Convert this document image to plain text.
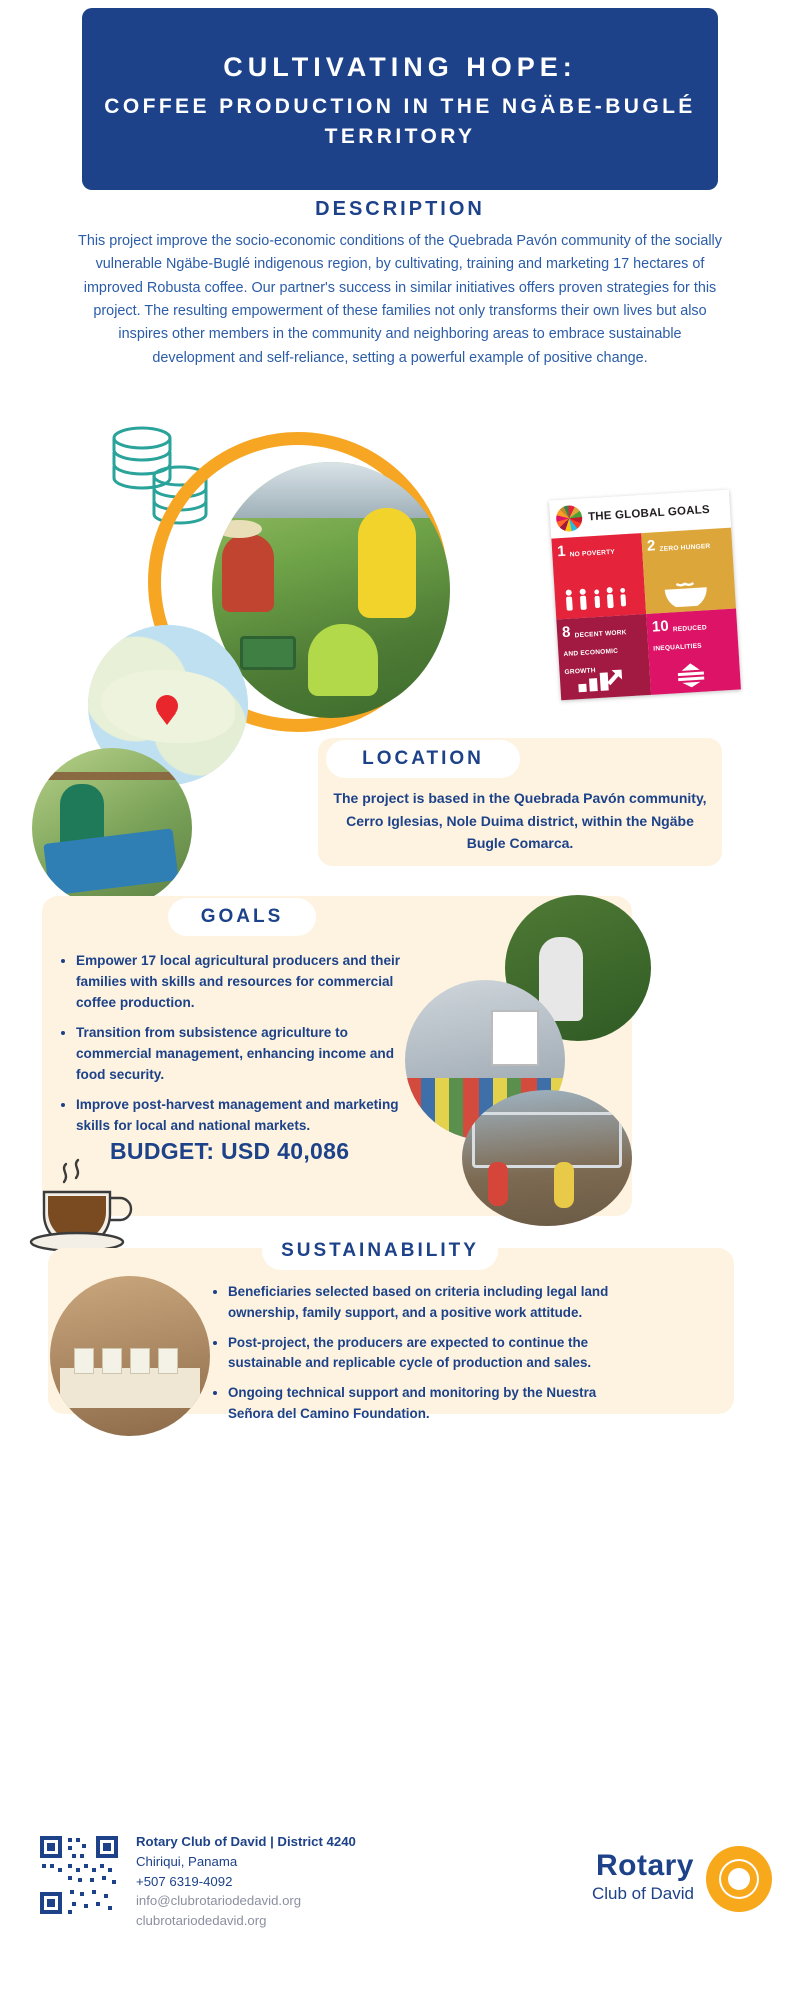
CULTIVATING HOPE:
COFFEE PRODUCTION IN THE NGÄBE-BUGLÉ TERRITORY
DESCRIPTION
This project improve the socio-economic conditions of the Quebrada Pavón community of the socially vulnerable Ngäbe-Buglé indigenous region, by cultivating, training and marketing 17 hectares of improved Robusta coffee. Our partner's success in similar initiatives offers proven strategies for this project. The resulting empowerment of these families not only transforms their own lives but also inspires other members in the community and neighboring areas to embrace sustainable development and self-reliance, setting a powerful example of positive change.
THE GLOBAL GOALS
1 NO POVERTY	2 ZERO HUNGER
8 DECENT WORK AND ECONOMIC GROWTH
10 REDUCED INEQUALITIES
LOCATION
The project is based in the Quebrada Pavón community, Cerro Iglesias, Nole Duima district, within the Ngäbe Bugle Comarca.
GOALS
• Empower 17 local agricultural producers and their families with skills and resources for commercial coffee production.
• Transition from subsistence agriculture to commercial management, enhancing income and food security.
• Improve post-harvest management and marketing skills for local and national markets.
BUDGET: USD 40,086
SUSTAINABILITY
• Beneficiaries selected based on criteria including legal land ownership, family support, and a positive work attitude.
• Post-project, the producers are expected to continue the sustainable and replicable cycle of production and sales.
• Ongoing technical support and monitoring by the Nuestra Señora del Camino Foundation.
Rotary Club of David | District 4240
Chiriqui, Panama
+507 6319-4092
info@clubrotariodedavid.org
clubrotariodedavid.org
Rotary
Club of David
